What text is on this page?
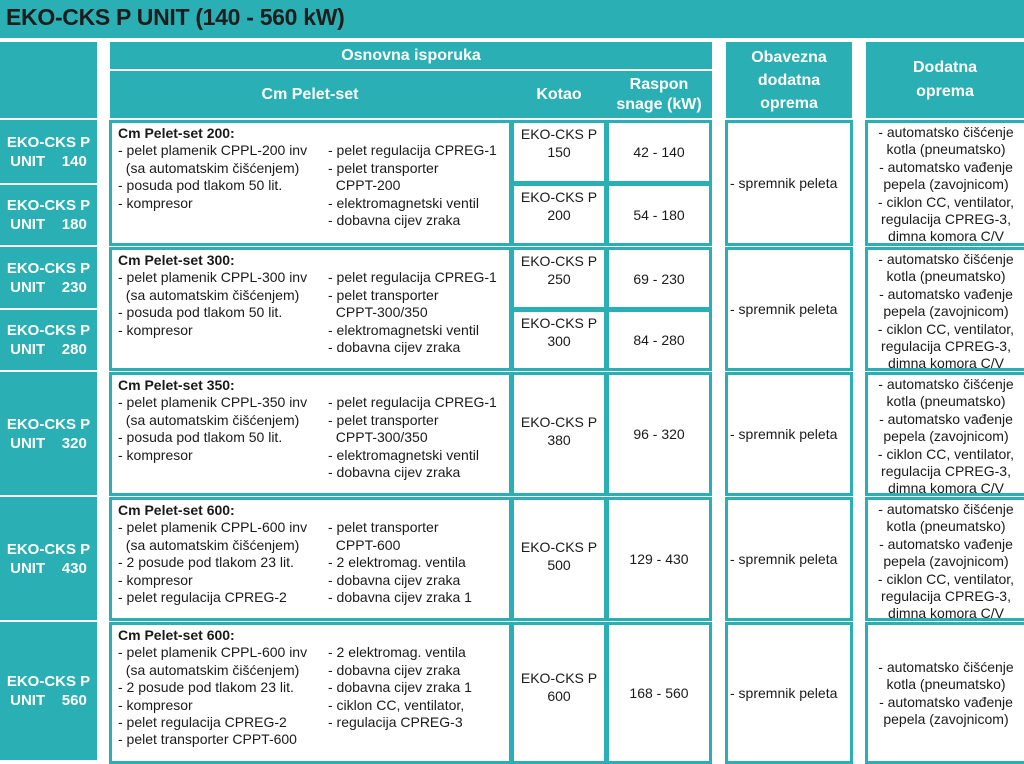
EKO-CKS P UNIT (140 - 560 kW)
Osnovna isporuka
Cm Pelet-set	Kotao
Raspon
snage (kW)
Obavezna
dodatna
oprema
Dodatna
oprema
EKO-CKS P
UNIT    140
EKO-CKS P
UNIT    180
EKO-CKS P
UNIT    230
EKO-CKS P
UNIT    280
EKO-CKS P
UNIT    320
EKO-CKS P
UNIT    430
EKO-CKS P
UNIT    560
Cm Pelet-set 200:
- pelet plamenik CPPL-200 inv
(sa automatskim čišćenjem)
- posuda pod tlakom 50 lit.
- kompresor
- pelet regulacija CPREG-1
- pelet transporter
CPPT-200
- elektromagnetski ventil
- dobavna cijev zraka
Cm Pelet-set 300:
- pelet plamenik CPPL-300 inv
(sa automatskim čišćenjem)
- posuda pod tlakom 50 lit.
- kompresor
- pelet regulacija CPREG-1
- pelet transporter
CPPT-300/350
- elektromagnetski ventil
- dobavna cijev zraka
Cm Pelet-set 350:
- pelet plamenik CPPL-350 inv
(sa automatskim čišćenjem)
- posuda pod tlakom 50 lit.
- kompresor
- pelet regulacija CPREG-1
- pelet transporter
CPPT-300/350
- elektromagnetski ventil
- dobavna cijev zraka
Cm Pelet-set 600:
- pelet plamenik CPPL-600 inv
(sa automatskim čišćenjem)
- 2 posude pod tlakom 23 lit.
- kompresor
- pelet regulacija CPREG-2
- pelet transporter
CPPT-600
- 2 elektromag. ventila
- dobavna cijev zraka
- dobavna cijev zraka 1
Cm Pelet-set 600:
- pelet plamenik CPPL-600 inv
(sa automatskim čišćenjem)
- 2 posude pod tlakom 23 lit.
- kompresor
- pelet regulacija CPREG-2
- pelet transporter CPPT-600
- 2 elektromag. ventila
- dobavna cijev zraka
- dobavna cijev zraka 1
- ciklon CC, ventilator,
- regulacija CPREG-3
EKO-CKS P
150
EKO-CKS P
200
EKO-CKS P
250
EKO-CKS P
300
EKO-CKS P
380
EKO-CKS P
500
EKO-CKS P
600
42 - 140
54 - 180
69 - 230
84 - 280
96 - 320
129 - 430
168 - 560
- spremnik peleta
- spremnik peleta
- spremnik peleta
- spremnik peleta
- spremnik peleta
- automatsko čišćenje
kotla (pneumatsko)
- automatsko vađenje
pepela (zavojnicom)
- ciklon CC, ventilator,
regulacija CPREG-3,
dimna komora C/V
- automatsko čišćenje
kotla (pneumatsko)
- automatsko vađenje
pepela (zavojnicom)
- ciklon CC, ventilator,
regulacija CPREG-3,
dimna komora C/V
- automatsko čišćenje
kotla (pneumatsko)
- automatsko vađenje
pepela (zavojnicom)
- ciklon CC, ventilator,
regulacija CPREG-3,
dimna komora C/V
- automatsko čišćenje
kotla (pneumatsko)
- automatsko vađenje
pepela (zavojnicom)
- ciklon CC, ventilator,
regulacija CPREG-3,
dimna komora C/V
- automatsko čišćenje
kotla (pneumatsko)
- automatsko vađenje
pepela (zavojnicom)
